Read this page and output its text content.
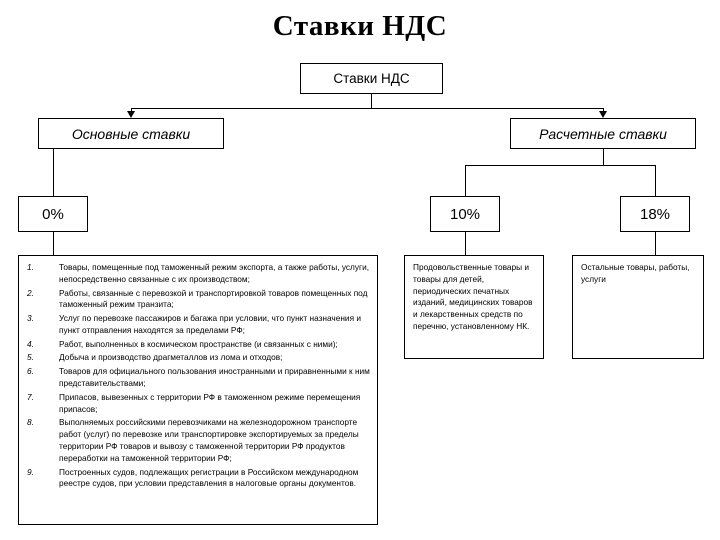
Ставки НДС
Ставки НДС
Основные ставки	Расчетные ставки
0%	10%	18%
1.	Товары, помещенные под таможенный режим экспорта, а также работы, услуги, непосредственно связанные с их производством;
2.	Работы, связанные с перевозкой и транспортировкой товаров помещенных под таможенный режим транзита;
3.	Услуг по перевозке пассажиров и багажа при условии, что пункт назначения и пункт отправления находятся за пределами РФ;
4.	Работ, выполненных в космическом пространстве (и связанных с ними);
5.	Добыча и производство драгметаллов из лома и отходов;
6.	Товаров для официального пользования иностранными и приравненными к ним представительствами;
7.	Припасов, вывезенных с территории РФ в таможенном режиме перемещения припасов;
8.	Выполняемых российскими перевозчиками на железнодорожном транспорте работ (услуг) по перевозке или транспортировке экспортируемых за пределы территории РФ товаров и вывозу с таможенной территории РФ продуктов переработки на таможенной территории РФ;
9.	Построенных судов, подлежащих регистрации в Российском международном реестре судов, при условии представления в налоговые органы документов.

Продовольственные товары и товары для детей, периодических печатных изданий, медицинских товаров и лекарственных средств по перечню, установленному НК.

Остальные товары, работы, услуги
